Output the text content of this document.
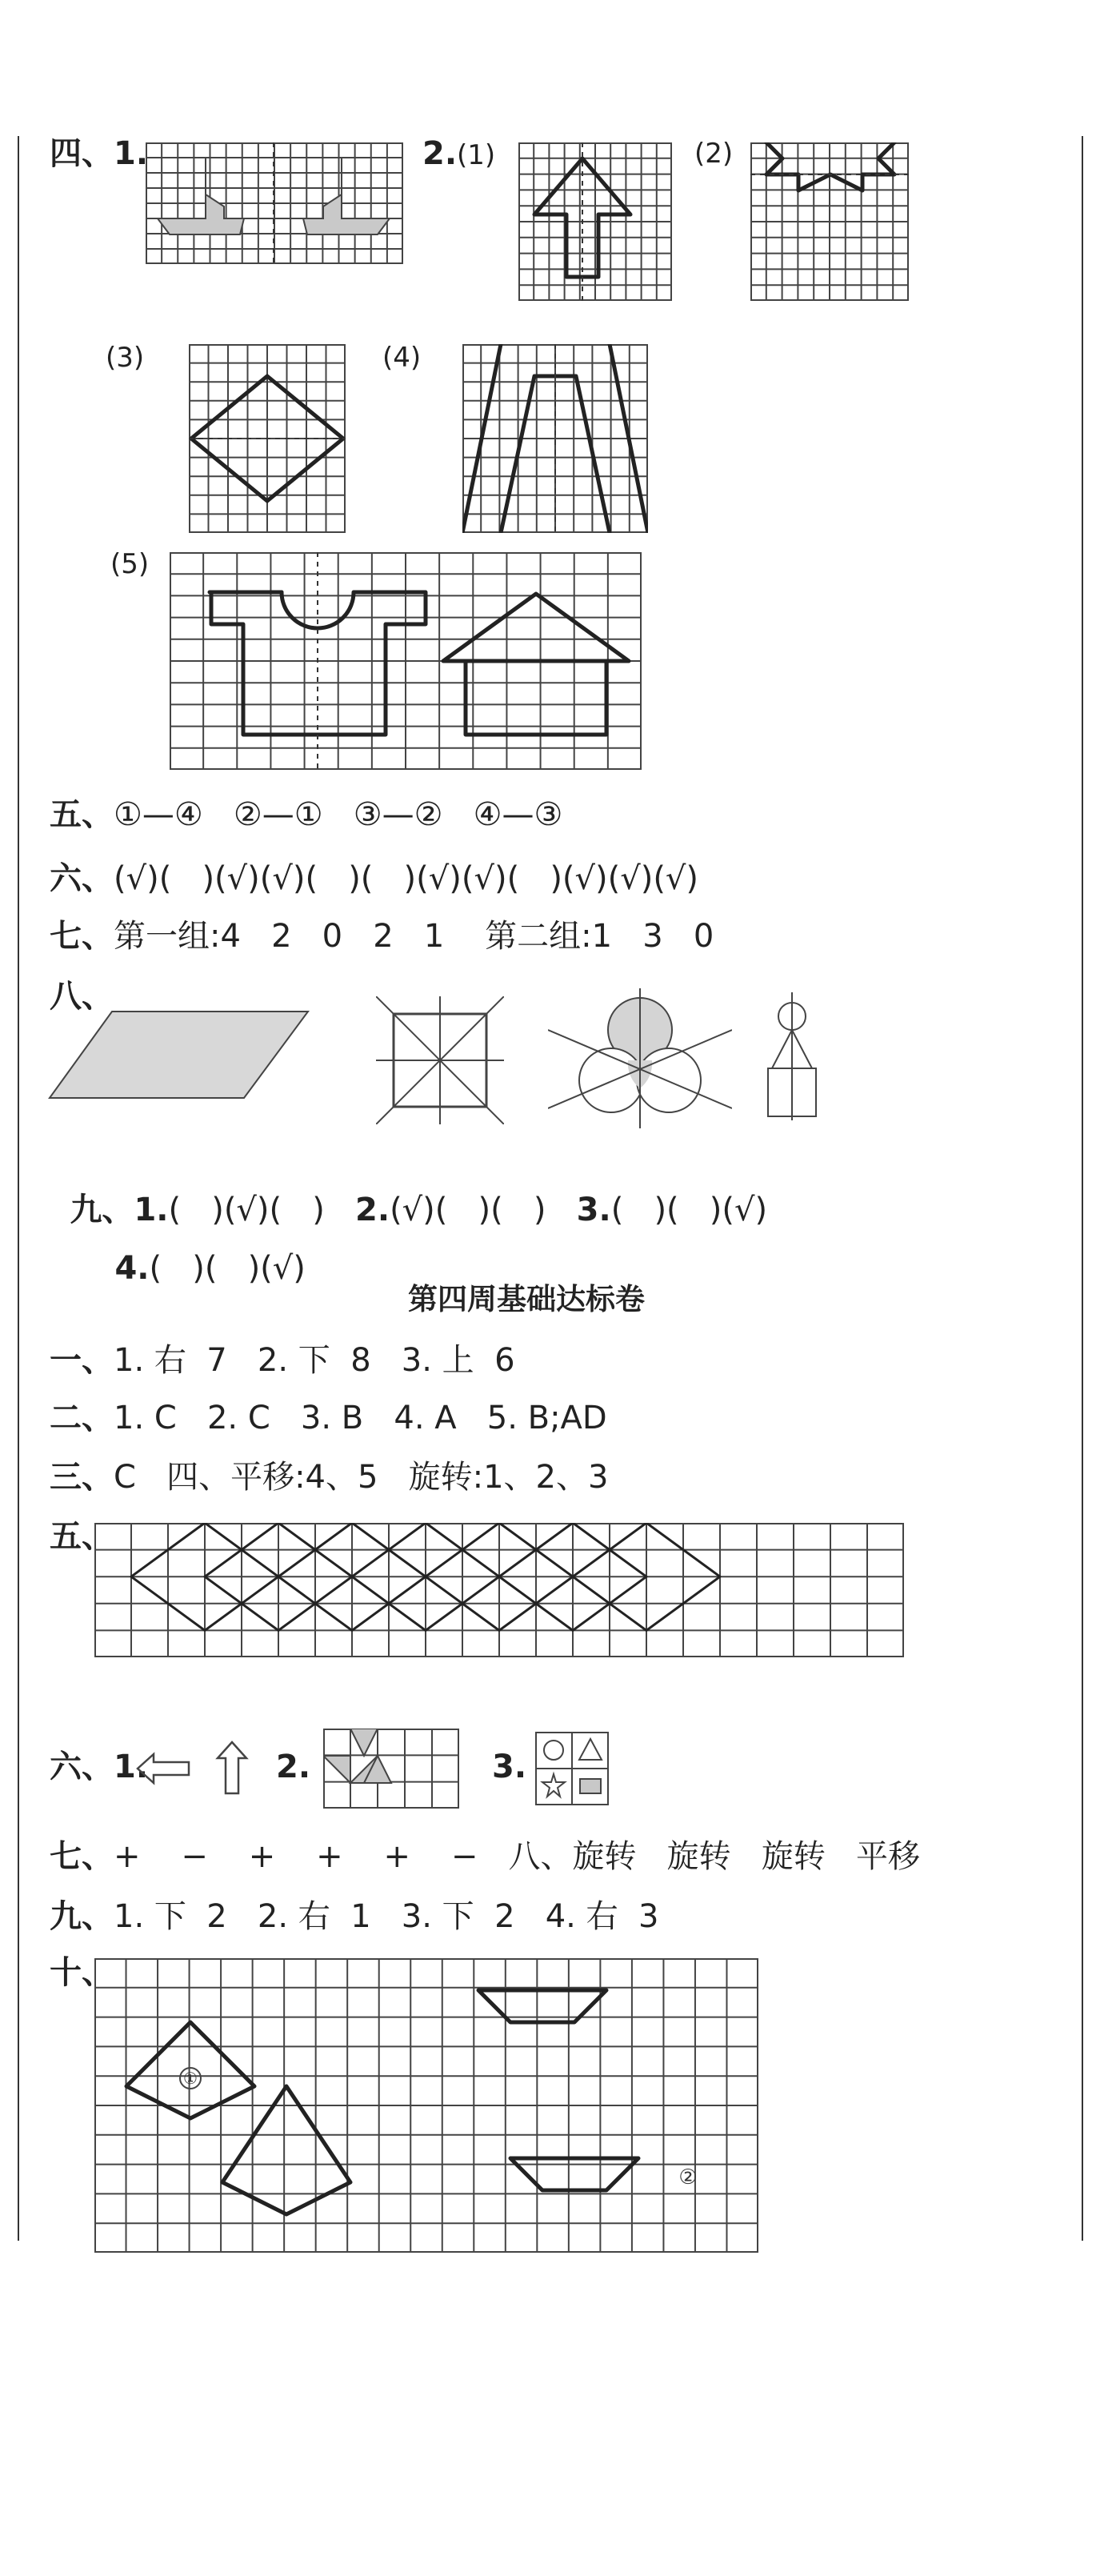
四、1.	2.(1)	(2)
(3)	(4)
(5)
五、①—④   ②—①   ③—②   ④—③
六、(√)(   )(√)(√)(   )(   )(√)(√)(   )(√)(√)(√)
七、第一组:4   2   0   2   1    第二组:1   3   0
八、

九、1.(   )(√)(   ) 2.(√)(   )(   ) 3.(   )(   )(√)

4.(   )(   )(√)

第四周基础达标卷
一、1. 右  7   2. 下  8   3. 上  6
二、1. C   2. C   3. B   4. A   5. B;AD
三、C   四、平移:4、5   旋转:1、2、3
五、
六、1.	2.	3.
七、+    −    +    +    +    −   八、旋转   旋转   旋转   平移
九、1. 下  2   2. 右  1   3. 下  2   4. 右  3
十、
①
②
